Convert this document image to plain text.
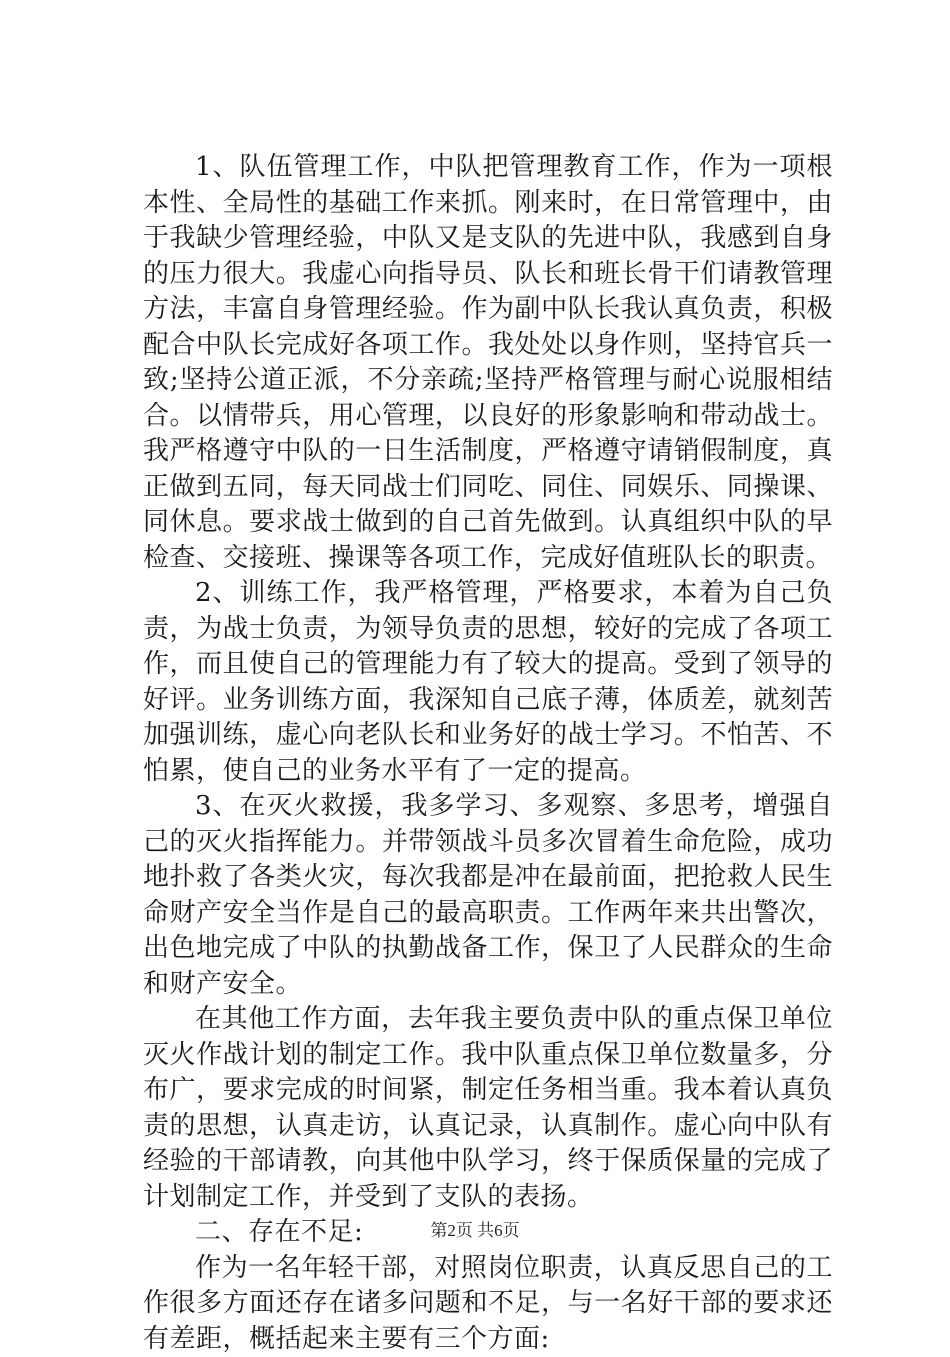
1、队伍管理工作，中队把管理教育工作，作为一项根本性、全局性的基础工作来抓。刚来时，在日常管理中，由于我缺少管理经验，中队又是支队的先进中队，我感到自身的压力很大。我虚心向指导员、队长和班长骨干们请教管理方法，丰富自身管理经验。作为副中队长我认真负责，积极配合中队长完成好各项工作。我处处以身作则，坚持官兵一致;坚持公道正派，不分亲疏;坚持严格管理与耐心说服相结合。以情带兵，用心管理，以良好的形象影响和带动战士。我严格遵守中队的一日生活制度，严格遵守请销假制度，真正做到五同，每天同战士们同吃、同住、同娱乐、同操课、同休息。要求战士做到的自己首先做到。认真组织中队的早检查、交接班、操课等各项工作，完成好值班队长的职责。

2、训练工作，我严格管理，严格要求，本着为自己负责，为战士负责，为领导负责的思想，较好的完成了各项工作，而且使自己的管理能力有了较大的提高。受到了领导的好评。业务训练方面，我深知自己底子薄，体质差，就刻苦加强训练，虚心向老队长和业务好的战士学习。不怕苦、不怕累，使自己的业务水平有了一定的提高。

3、在灭火救援，我多学习、多观察、多思考，增强自己的灭火指挥能力。并带领战斗员多次冒着生命危险，成功地扑救了各类火灾，每次我都是冲在最前面，把抢救人民生命财产安全当作是自己的最高职责。工作两年来共出警次，出色地完成了中队的执勤战备工作，保卫了人民群众的生命和财产安全。

在其他工作方面，去年我主要负责中队的重点保卫单位灭火作战计划的制定工作。我中队重点保卫单位数量多，分布广，要求完成的时间紧，制定任务相当重。我本着认真负责的思想，认真走访，认真记录，认真制作。虚心向中队有经验的干部请教，向其他中队学习，终于保质保量的完成了计划制定工作，并受到了支队的表扬。

二、存在不足:

作为一名年轻干部，对照岗位职责，认真反思自己的工作很多方面还存在诸多问题和不足，与一名好干部的要求还有差距，概括起来主要有三个方面:

第2页 共6页
